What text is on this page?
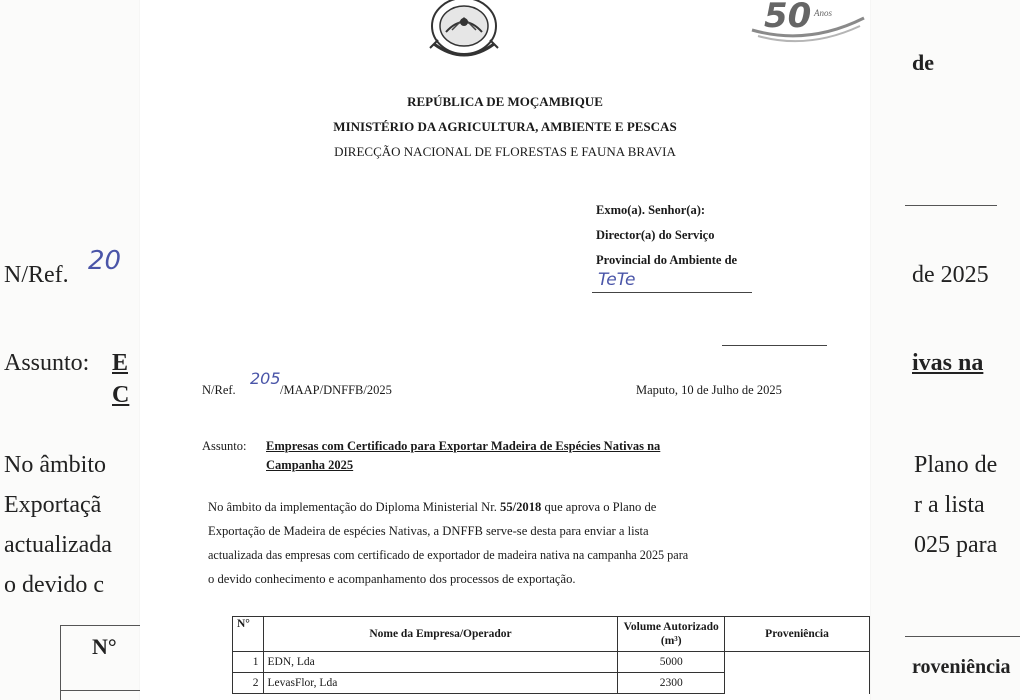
de
N/Ref. 20	de 2025
Assunto: E
C
ivas na
No âmbito
Exportaçã
actualizada
o devido c
Plano de
r a lista
025 para
N°
roveniência
50 Anos
REPÚBLICA DE MOÇAMBIQUE
MINISTÉRIO DA AGRICULTURA, AMBIENTE E PESCAS
DIRECÇÃO NACIONAL DE FLORESTAS E FAUNA BRAVIA
Exmo(a). Senhor(a):
Director(a) do Serviço
Provincial do Ambiente de
TeTe
N/Ref.
205
/MAAP/DNFFB/2025	Maputo, 10 de Julho de 2025
Assunto: Empresas com Certificado para Exportar Madeira de Espécies Nativas na
Campanha 2025
No âmbito da implementação do Diploma Ministerial Nr. 55/2018 que aprova o Plano de
Exportação de Madeira de espécies Nativas, a DNFFB serve-se desta para enviar a lista
actualizada das empresas com certificado de exportador de madeira nativa na campanha 2025 para
o devido conhecimento e acompanhamento dos processos de exportação.
N°	Nome da Empresa/Operador	Volume Autorizado (m³)	Proveniência
1	EDN, Lda	5000	
2	LevasFlor, Lda	2300	
